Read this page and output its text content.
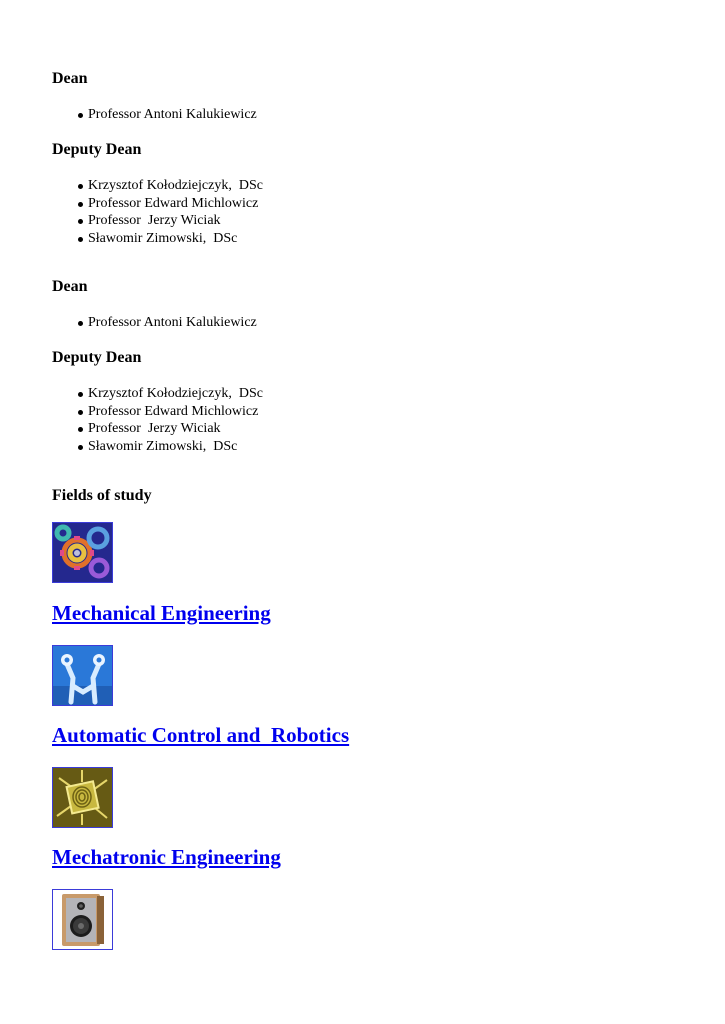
Dean
Professor Antoni Kalukiewicz
Deputy Dean
Krzysztof Kołodziejczyk,  DSc
Professor Edward Michlowicz
Professor  Jerzy Wiciak
Sławomir Zimowski,  DSc
Dean
Professor Antoni Kalukiewicz
Deputy Dean
Krzysztof Kołodziejczyk,  DSc
Professor Edward Michlowicz
Professor  Jerzy Wiciak
Sławomir Zimowski,  DSc
Fields of study
Mechanical Engineering
Automatic Control and  Robotics
Mechatronic Engineering
